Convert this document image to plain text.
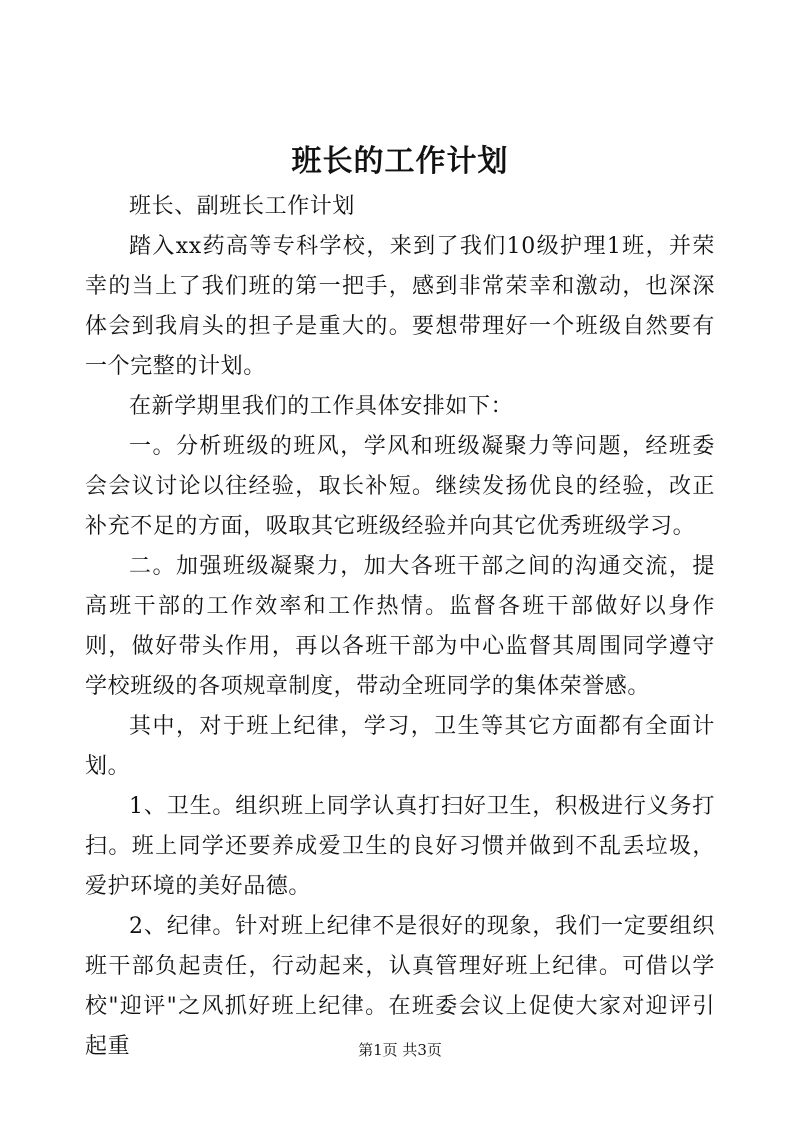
班长的工作计划

班长、副班长工作计划

踏入xx药高等专科学校，来到了我们10级护理1班，并荣幸的当上了我们班的第一把手，感到非常荣幸和激动，也深深体会到我肩头的担子是重大的。要想带理好一个班级自然要有一个完整的计划。

在新学期里我们的工作具体安排如下：

一。分析班级的班风，学风和班级凝聚力等问题，经班委会会议讨论以往经验，取长补短。继续发扬优良的经验，改正补充不足的方面，吸取其它班级经验并向其它优秀班级学习。

二。加强班级凝聚力，加大各班干部之间的沟通交流，提高班干部的工作效率和工作热情。监督各班干部做好以身作则，做好带头作用，再以各班干部为中心监督其周围同学遵守学校班级的各项规章制度，带动全班同学的集体荣誉感。

其中，对于班上纪律，学习，卫生等其它方面都有全面计划。

1、卫生。组织班上同学认真打扫好卫生，积极进行义务打扫。班上同学还要养成爱卫生的良好习惯并做到不乱丢垃圾，爱护环境的美好品德。

2、纪律。针对班上纪律不是很好的现象，我们一定要组织班干部负起责任，行动起来，认真管理好班上纪律。可借以学校"迎评"之风抓好班上纪律。在班委会议上促使大家对迎评引起重	第1页 共3页
